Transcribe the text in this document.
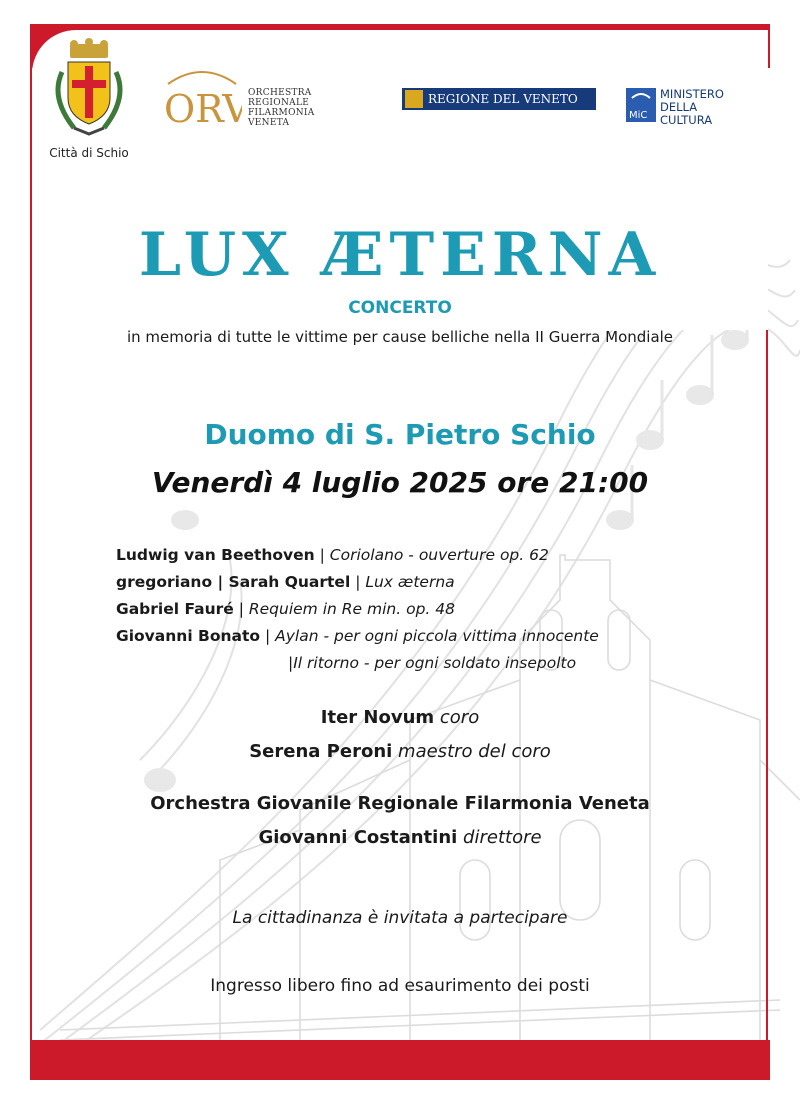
Città di Schio
ORV
ORCHESTRA
REGIONALE
FILARMONIA
VENETA
REGIONE DEL VENETO
MiC
MINISTERO
DELLA
CULTURA
LUX ÆTERNA
CONCERTO
in memoria di tutte le vittime per cause belliche nella II Guerra Mondiale
Duomo di S. Pietro Schio
Venerdì 4 luglio 2025 ore 21:00
Ludwig van Beethoven | Coriolano - ouverture op. 62
gregoriano | Sarah Quartel | Lux æterna
Gabriel Fauré | Requiem in Re min. op. 48
Giovanni Bonato | Aylan - per ogni piccola vittima innocente
|Il ritorno - per ogni soldato insepolto
Iter Novum coro
Serena Peroni maestro del coro
Orchestra Giovanile Regionale Filarmonia Veneta
Giovanni Costantini direttore
La cittadinanza è invitata a partecipare
Ingresso libero fino ad esaurimento dei posti
